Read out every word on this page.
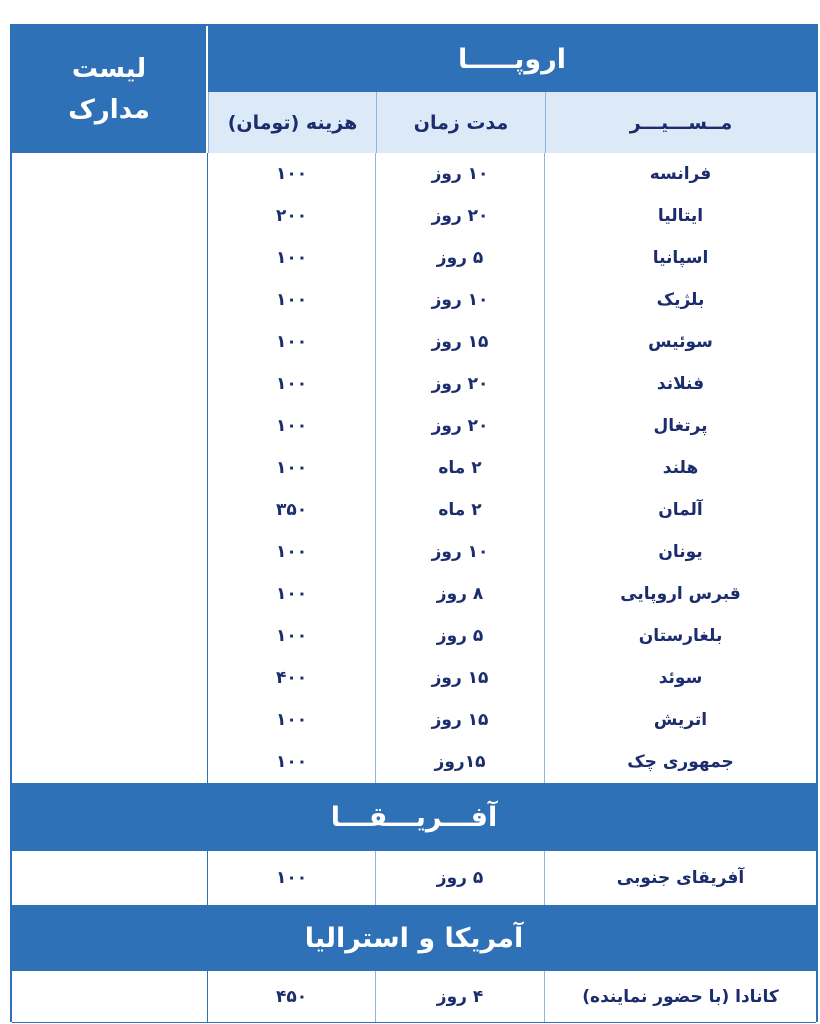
لیست
مدارک
اروپـــــا
مــســـیـــر
مدت زمان
هزینه (تومان)
فرانسه
۱۰ روز
۱۰۰
ایتالیا
۲۰ روز
۲۰۰
اسپانیا
۵ روز
۱۰۰
بلژیک
۱۰ روز
۱۰۰
سوئیس
۱۵ روز
۱۰۰
فنلاند
۲۰ روز
۱۰۰
پرتغال
۲۰ روز
۱۰۰
هلند
۲ ماه
۱۰۰
آلمان
۲ ماه
۳۵۰
یونان
۱۰ روز
۱۰۰
قبرس اروپایی
۸ روز
۱۰۰
بلغارستان
۵ روز
۱۰۰
سوئد
۱۵ روز
۴۰۰
اتریش
۱۵ روز
۱۰۰
جمهوری چک
۱۵روز
۱۰۰
آفـــریـــقـــا
آفریقای جنوبی
۵ روز
۱۰۰
آمریکا و استرالیا
کانادا (با حضور نماینده)
۴ روز
۴۵۰
